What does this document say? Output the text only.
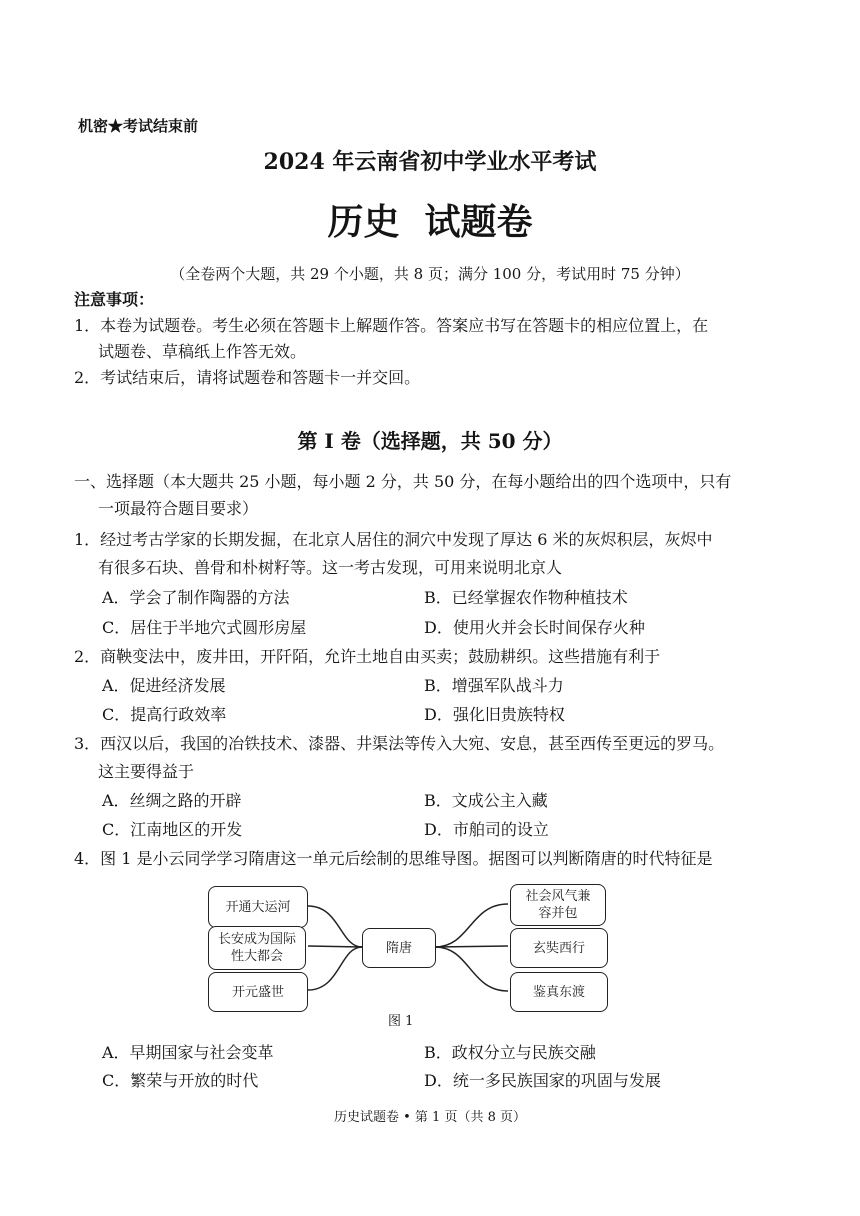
机密★考试结束前
2024 年云南省初中学业水平考试
历史  试题卷
（全卷两个大题，共 29 个小题，共 8 页；满分 100 分，考试用时 75 分钟）
注意事项：
1．本卷为试题卷。考生必须在答题卡上解题作答。答案应书写在答题卡的相应位置上，在
试题卷、草稿纸上作答无效。
2．考试结束后，请将试题卷和答题卡一并交回。
第 I 卷（选择题，共 50 分）
一、选择题（本大题共 25 小题，每小题 2 分，共 50 分，在每小题给出的四个选项中，只有
一项最符合题目要求）
1．经过考古学家的长期发掘，在北京人居住的洞穴中发现了厚达 6 米的灰烬积层，灰烬中
有很多石块、兽骨和朴树籽等。这一考古发现，可用来说明北京人
A．学会了制作陶器的方法	B．已经掌握农作物种植技术
C．居住于半地穴式圆形房屋	D．使用火并会长时间保存火种
2．商鞅变法中，废井田，开阡陌，允许土地自由买卖；鼓励耕织。这些措施有利于
A．促进经济发展	B．增强军队战斗力
C．提高行政效率	D．强化旧贵族特权
3．西汉以后，我国的冶铁技术、漆器、井渠法等传入大宛、安息，甚至西传至更远的罗马。
这主要得益于
A．丝绸之路的开辟	B．文成公主入藏
C．江南地区的开发	D．市舶司的设立
4．图 1 是小云同学学习隋唐这一单元后绘制的思维导图。据图可以判断隋唐的时代特征是
开通大运河
长安成为国际性大都会
开元盛世
隋唐
社会风气兼容并包
玄奘西行
鉴真东渡
图 1
A．早期国家与社会变革	B．政权分立与民族交融
C．繁荣与开放的时代	D．统一多民族国家的巩固与发展
历史试题卷 • 第 1 页（共 8 页）
